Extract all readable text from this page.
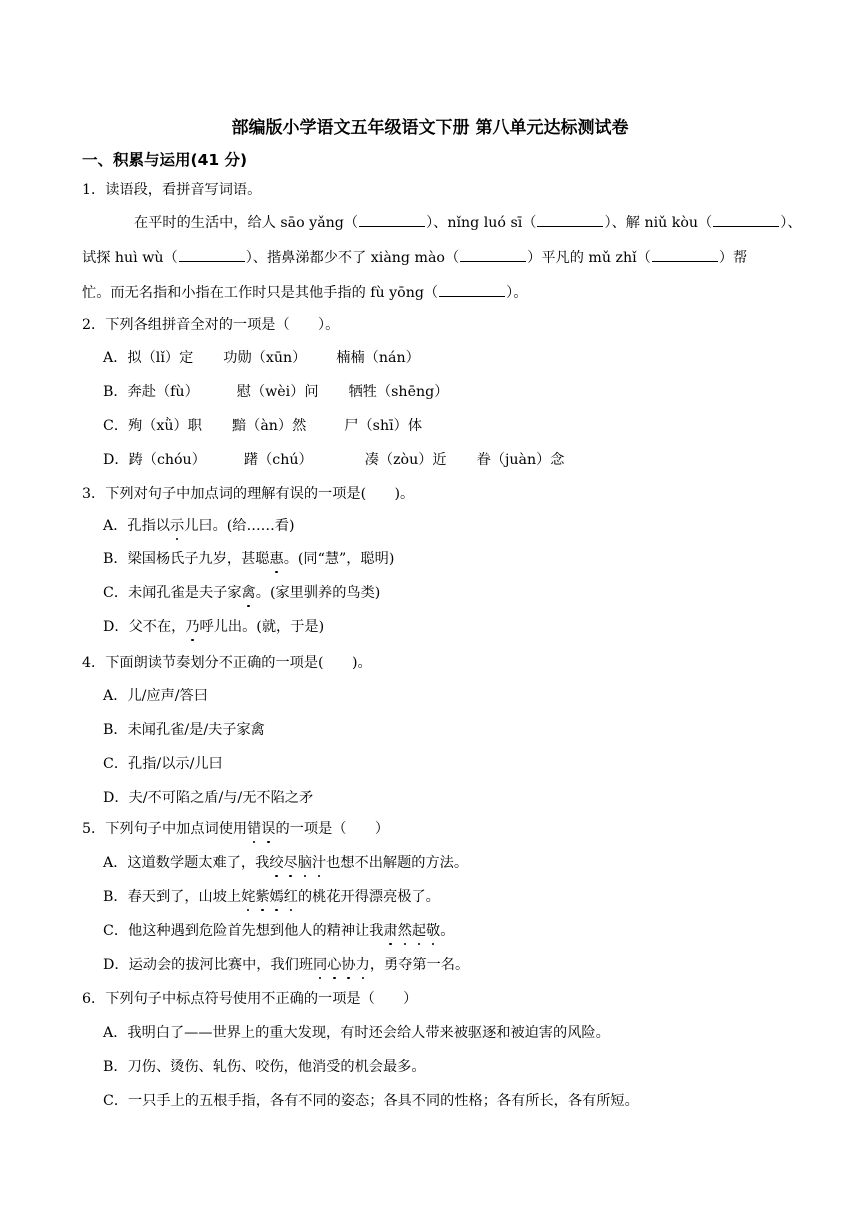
部编版小学语文五年级语文下册 第八单元达标测试卷
一、积累与运用(41 分)
1．读语段，看拼音写词语。
在平时的生活中，给人 sāo yǎng（	）、nǐng luó sī（	）、解 niǔ kòu（	）、
试探 huì wù（	）、揩鼻涕都少不了 xiàng mào（	）平凡的 mǔ zhǐ（	）帮
忙。而无名指和小指在工作时只是其他手指的 fù yōng（	）。
2．下列各组拼音全对的一项是（　　）。
A．拟（lǐ）定 功勋（xūn） 楠楠（nán）
B．奔赴（fù）	慰（wèi）问 牺牲（shēng）
C．殉（xǜ）职 黯（àn）然	尸（shī）体
D．踌（chóu）	躇（chú）	凑（zòu）近 眷（juàn）念
3．下列对句子中加点词的理解有误的一项是(　　)。
A．孔指以示儿曰。(给……看)
B．梁国杨氏子九岁，甚聪惠。(同“慧”，聪明)
C．未闻孔雀是夫子家禽。(家里驯养的鸟类)
D．父不在，乃呼儿出。(就，于是)
4．下面朗读节奏划分不正确的一项是(　　)。
A．儿/应声/答曰
B．未闻孔雀/是/夫子家禽
C．孔指/以示/儿曰
D．夫/不可陷之盾/与/无不陷之矛
5．下列句子中加点词使用错误的一项是（　　）
A．这道数学题太难了，我绞尽脑汁也想不出解题的方法。
B．春天到了，山坡上姹紫嫣红的桃花开得漂亮极了。
C．他这种遇到危险首先想到他人的精神让我肃然起敬。
D．运动会的拔河比赛中，我们班同心协力，勇夺第一名。
6．下列句子中标点符号使用不正确的一项是（　　）
A．我明白了——世界上的重大发现，有时还会给人带来被驱逐和被迫害的风险。
B．刀伤、烫伤、轧伤、咬伤，他消受的机会最多。
C．一只手上的五根手指，各有不同的姿态；各具不同的性格；各有所长，各有所短。
